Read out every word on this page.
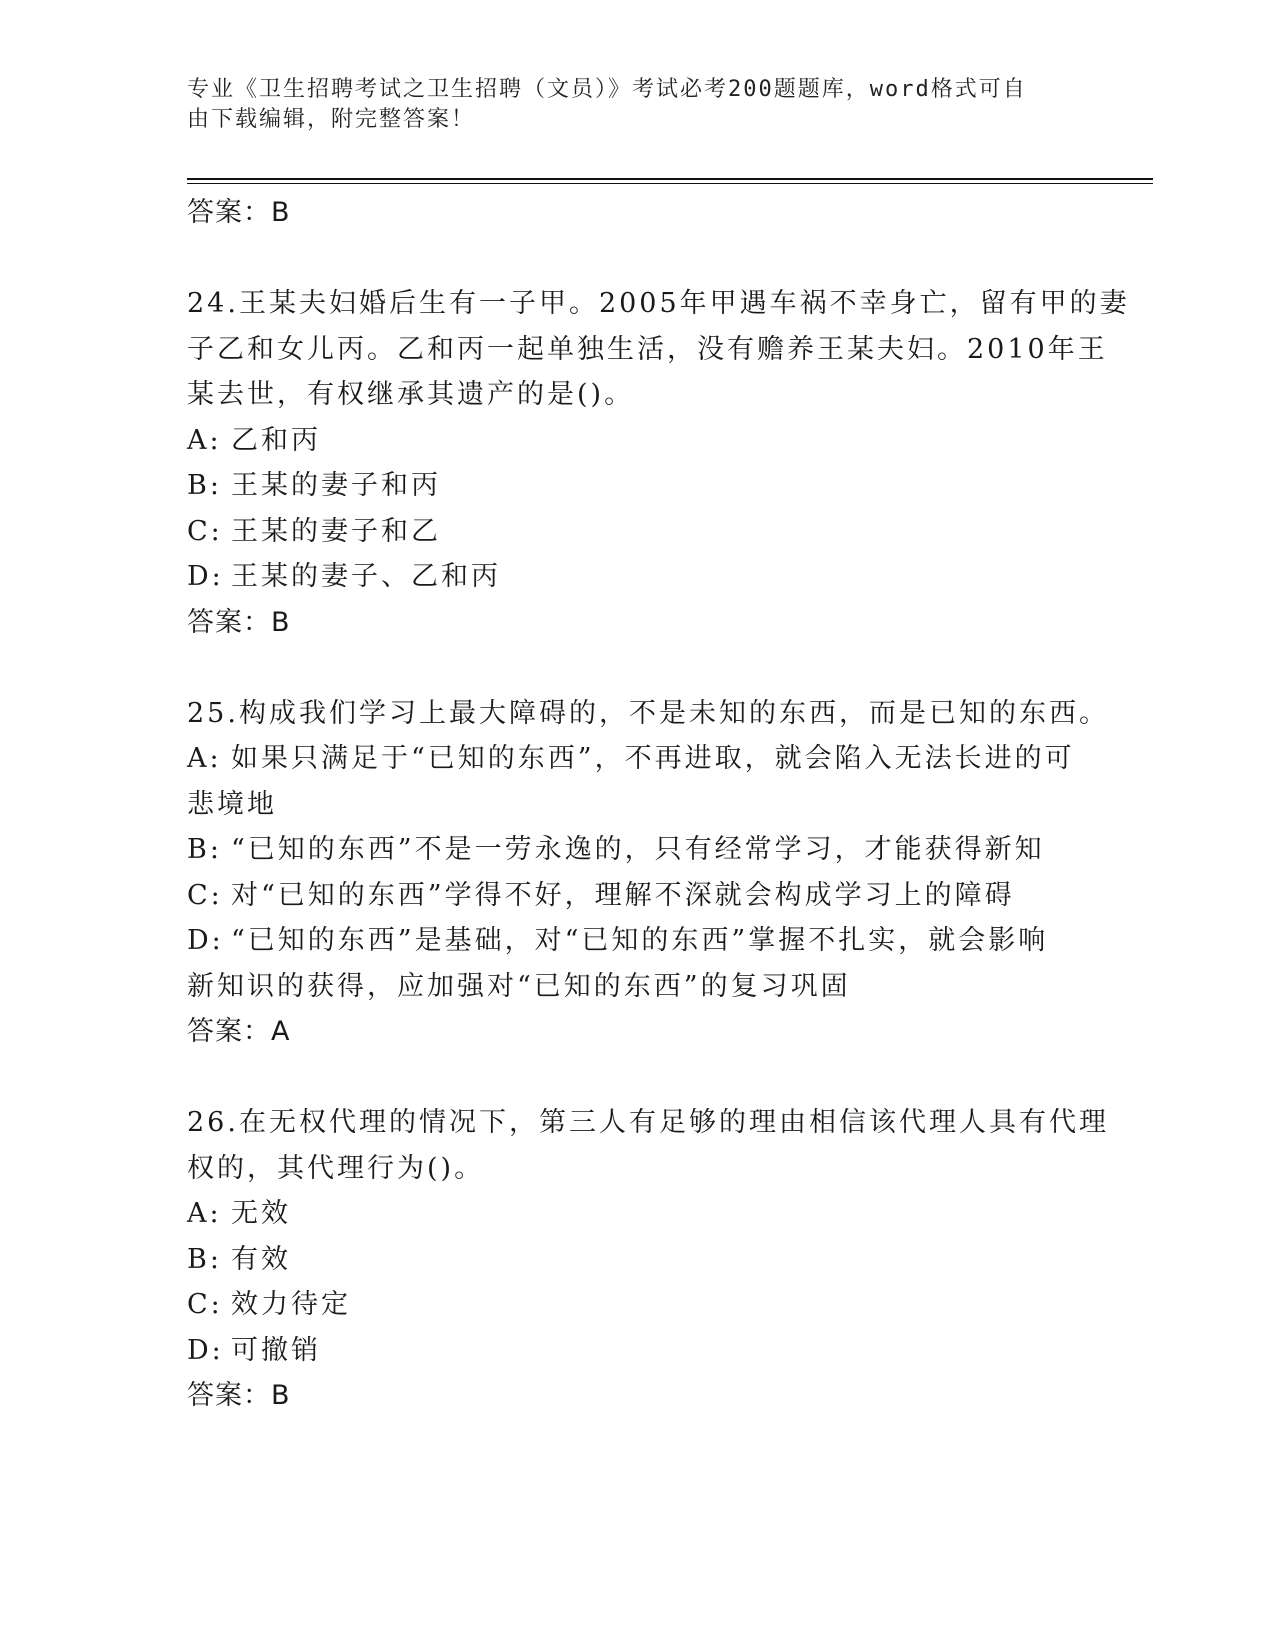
专业《卫生招聘考试之卫生招聘（文员）》考试必考200题题库，word格式可自
由下载编辑，附完整答案！
答案：B
24.王某夫妇婚后生有一子甲。2005年甲遇车祸不幸身亡，留有甲的妻
子乙和女儿丙。乙和丙一起单独生活，没有赡养王某夫妇。2010年王
某去世，有权继承其遗产的是()。
A: 乙和丙
B: 王某的妻子和丙
C: 王某的妻子和乙
D: 王某的妻子、乙和丙
答案：B
25.构成我们学习上最大障碍的，不是未知的东西，而是已知的东西。
A: 如果只满足于“已知的东西”，不再进取，就会陷入无法长进的可
悲境地
B: “已知的东西”不是一劳永逸的，只有经常学习，才能获得新知
C: 对“已知的东西”学得不好，理解不深就会构成学习上的障碍
D: “已知的东西”是基础，对“已知的东西”掌握不扎实，就会影响
新知识的获得，应加强对“已知的东西”的复习巩固
答案：A
26.在无权代理的情况下，第三人有足够的理由相信该代理人具有代理
权的，其代理行为()。
A: 无效
B: 有效
C: 效力待定
D: 可撤销
答案：B
